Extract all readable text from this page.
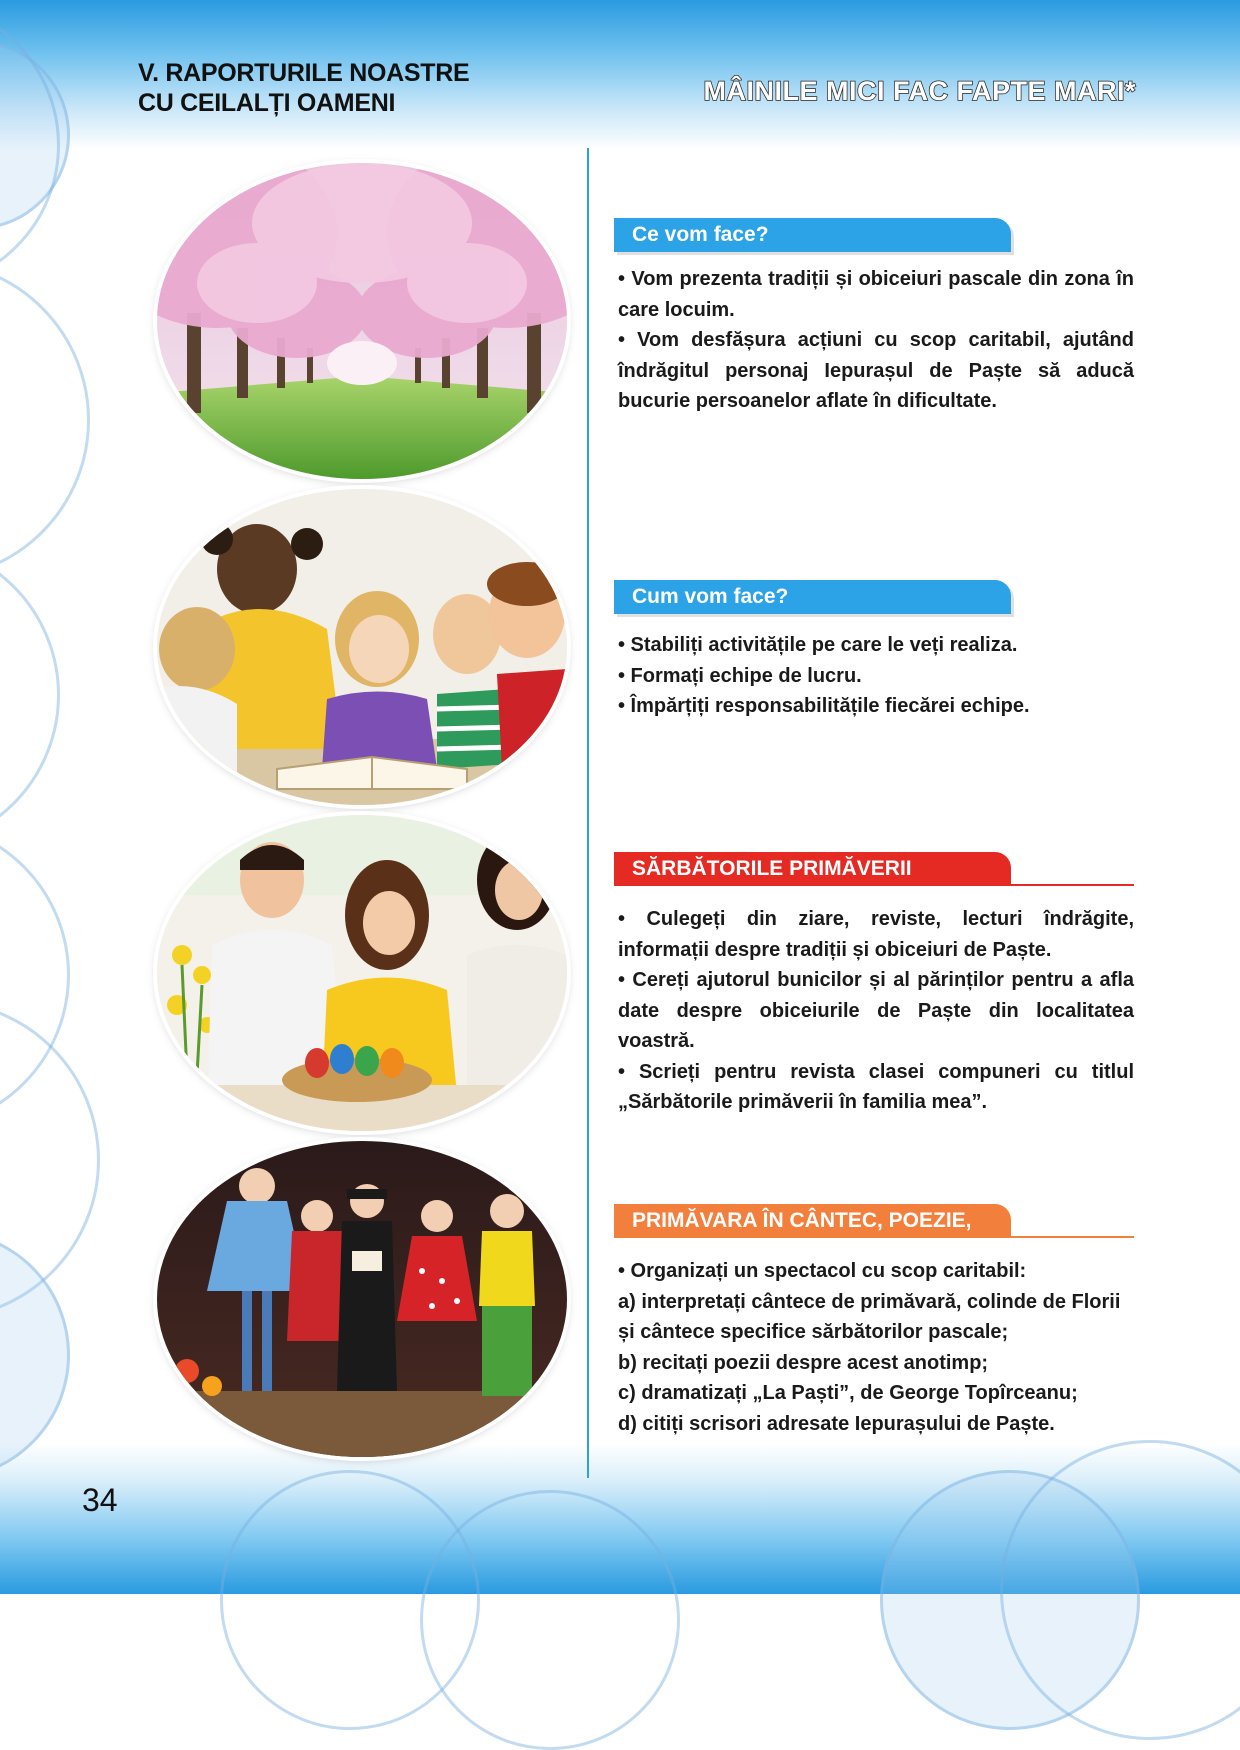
V. RAPORTURILE NOASTRE
CU CEILALȚI OAMENI	MÂINILE MICI FAC FAPTE MARI*
Ce vom face?

• Vom prezenta tradiții și obiceiuri pascale din zona în care locuim.

• Vom desfășura acțiuni cu scop caritabil, ajutând îndrăgitul personaj Iepurașul de Paște să aducă bucurie persoanelor aflate în dificultate.

Cum vom face?

• Stabiliți activitățile pe care le veți realiza.

• Formați echipe de lucru.

• Împărțiți responsabilitățile fiecărei echipe.

SĂRBĂTORILE PRIMĂVERII

• Culegeți din ziare, reviste, lecturi îndrăgite, informații despre tradiții și obiceiuri de Paște.

• Cereți ajutorul bunicilor și al părinților pentru a afla date despre obiceiurile de Paște din localitatea voastră.

• Scrieți pentru revista clasei compuneri cu titlul „Sărbătorile primăverii în familia mea”.

PRIMĂVARA ÎN CÂNTEC, POEZIE, JOCI

• Organizați un spectacol cu scop caritabil:

a) interpretați cântece de primăvară, colinde de Florii și cântece specifice sărbătorilor pascale;

b) recitați poezii despre acest anotimp;

c) dramatizați „La Paști”, de George Topîrceanu;

d) citiți scrisori adresate Iepurașului de Paște.

34
